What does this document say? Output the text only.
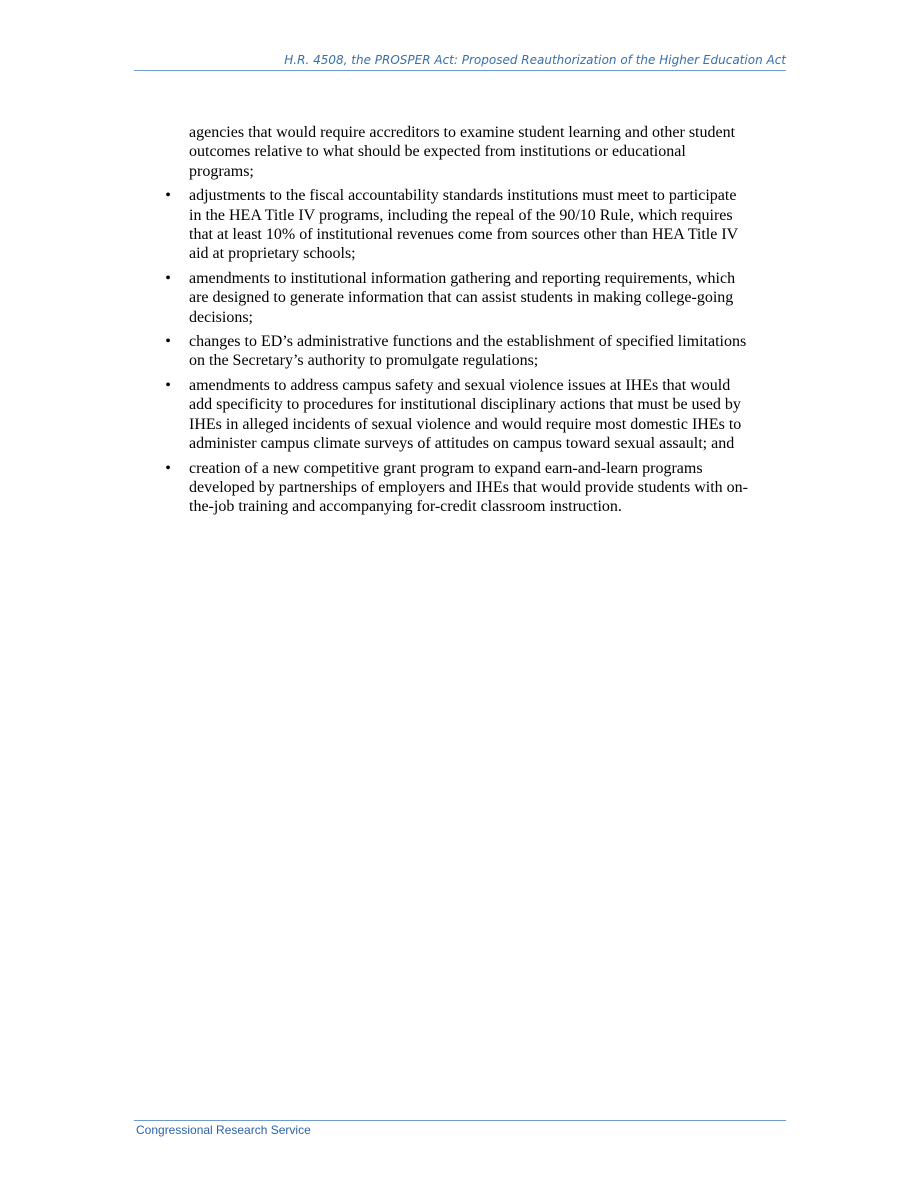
H.R. 4508, the PROSPER Act: Proposed Reauthorization of the Higher Education Act

agencies that would require accreditors to examine student learning and other student outcomes relative to what should be expected from institutions or educational programs;

• adjustments to the fiscal accountability standards institutions must meet to participate in the HEA Title IV programs, including the repeal of the 90/10 Rule, which requires that at least 10% of institutional revenues come from sources other than HEA Title IV aid at proprietary schools;
• amendments to institutional information gathering and reporting requirements, which are designed to generate information that can assist students in making college-going decisions;
• changes to ED’s administrative functions and the establishment of specified limitations on the Secretary’s authority to promulgate regulations;
• amendments to address campus safety and sexual violence issues at IHEs that would add specificity to procedures for institutional disciplinary actions that must be used by IHEs in alleged incidents of sexual violence and would require most domestic IHEs to administer campus climate surveys of attitudes on campus toward sexual assault; and
• creation of a new competitive grant program to expand earn-and-learn programs developed by partnerships of employers and IHEs that would provide students with on-the-job training and accompanying for-credit classroom instruction.
Congressional Research Service
